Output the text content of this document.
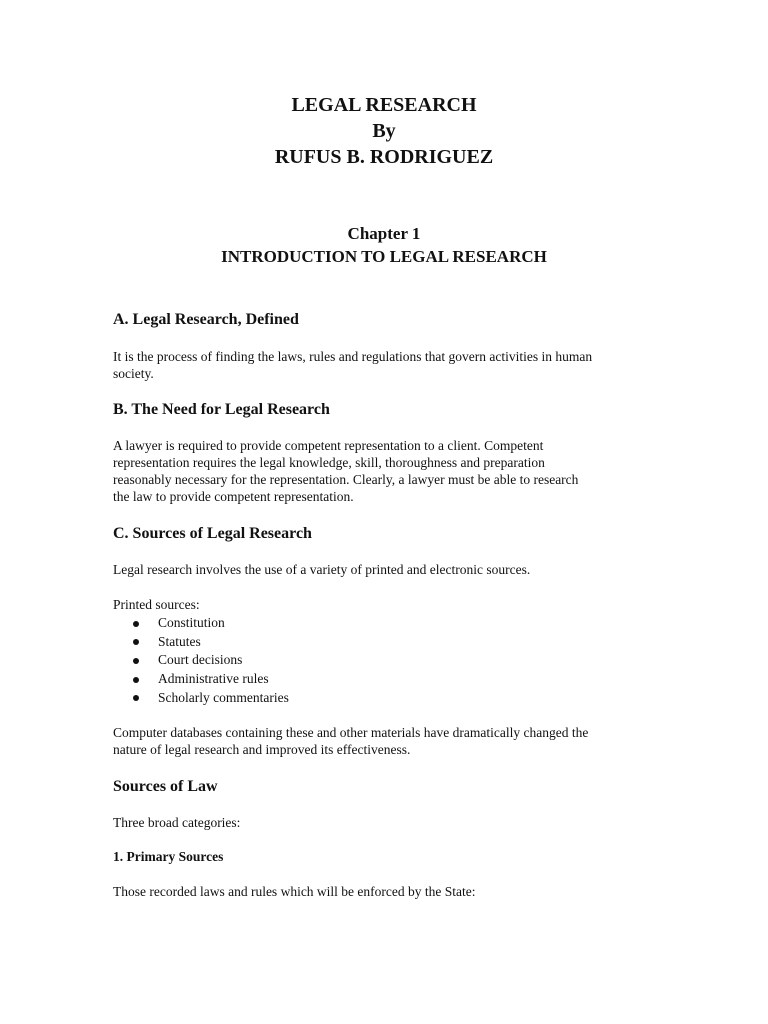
LEGAL RESEARCH

By

RUFUS B. RODRIGUEZ

Chapter 1

INTRODUCTION TO LEGAL RESEARCH

A. Legal Research, Defined

It is the process of finding the laws, rules and regulations that govern activities in human
society.

B. The Need for Legal Research

A lawyer is required to provide competent representation to a client. Competent
representation requires the legal knowledge, skill, thoroughness and preparation
reasonably necessary for the representation. Clearly, a lawyer must be able to research
the law to provide competent representation.

C. Sources of Legal Research

Legal research involves the use of a variety of printed and electronic sources.

Printed sources:

Constitution
Statutes
Court decisions
Administrative rules
Scholarly commentaries
Computer databases containing these and other materials have dramatically changed the
nature of legal research and improved its effectiveness.

Sources of Law

Three broad categories:

1. Primary Sources

Those recorded laws and rules which will be enforced by the State:
